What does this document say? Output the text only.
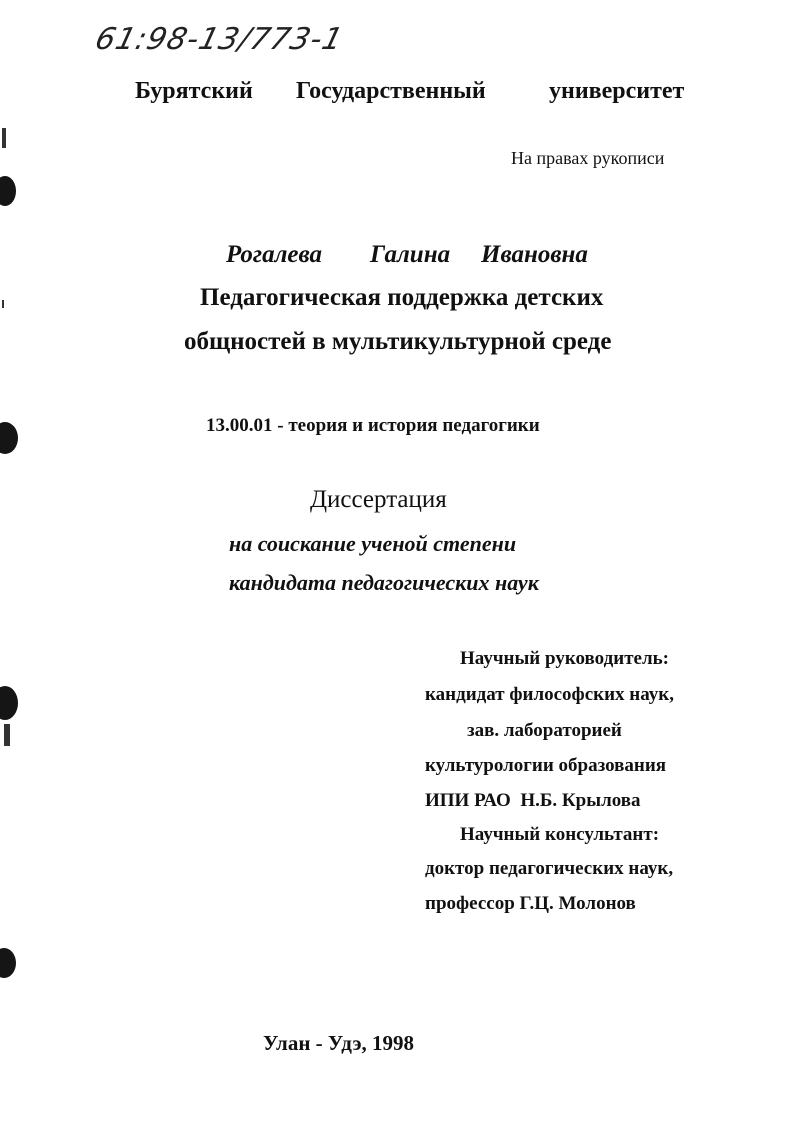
61:98-13/773-1
Бурятский Государственный	университет
На правах рукописи
Рогалева Галина Ивановна
Педагогическая поддержка детских
общностей в мультикультурной среде
13.00.01 - теория и история педагогики
Диссертация
на соискание ученой степени
кандидата педагогических наук
Научный руководитель:
кандидат философских наук,
зав. лабораторией
культурологии образования
ИПИ РАО  Н.Б. Крылова
Научный консультант:
доктор педагогических наук,
профессор Г.Ц. Молонов
Улан - Удэ, 1998
